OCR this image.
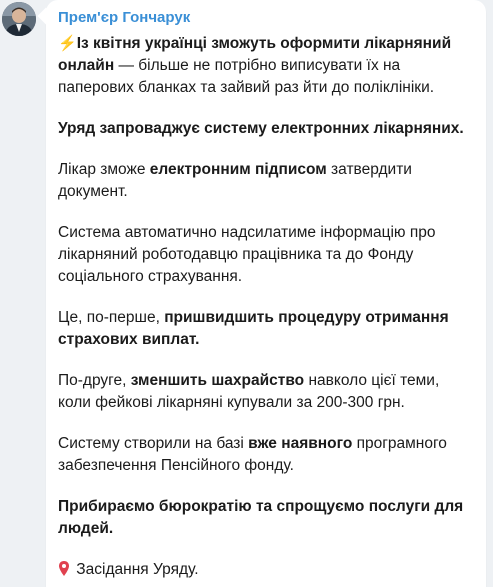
Прем'єр Гончарук

⚡️Із квітня українці зможуть оформити лікарняний онлайн — більше не потрібно виписувати їх на паперових бланках та зайвий раз йти до поліклініки.

Уряд запроваджує систему електронних лікарняних.

Лікар зможе електронним підписом затвердити документ.

Система автоматично надсилатиме інформацію про лікарняний роботодавцю працівника та до Фонду соціального страхування.

Це, по-перше, пришвидшить процедуру отримання страхових виплат.

По-друге, зменшить шахрайство навколо цієї теми, коли фейкові лікарняні купували за 200-300 грн.

Систему створили на базі вже наявного програмного забезпечення Пенсійного фонду.

Прибираємо бюрократію та спрощуємо послуги для людей.

Засідання Уряду.
